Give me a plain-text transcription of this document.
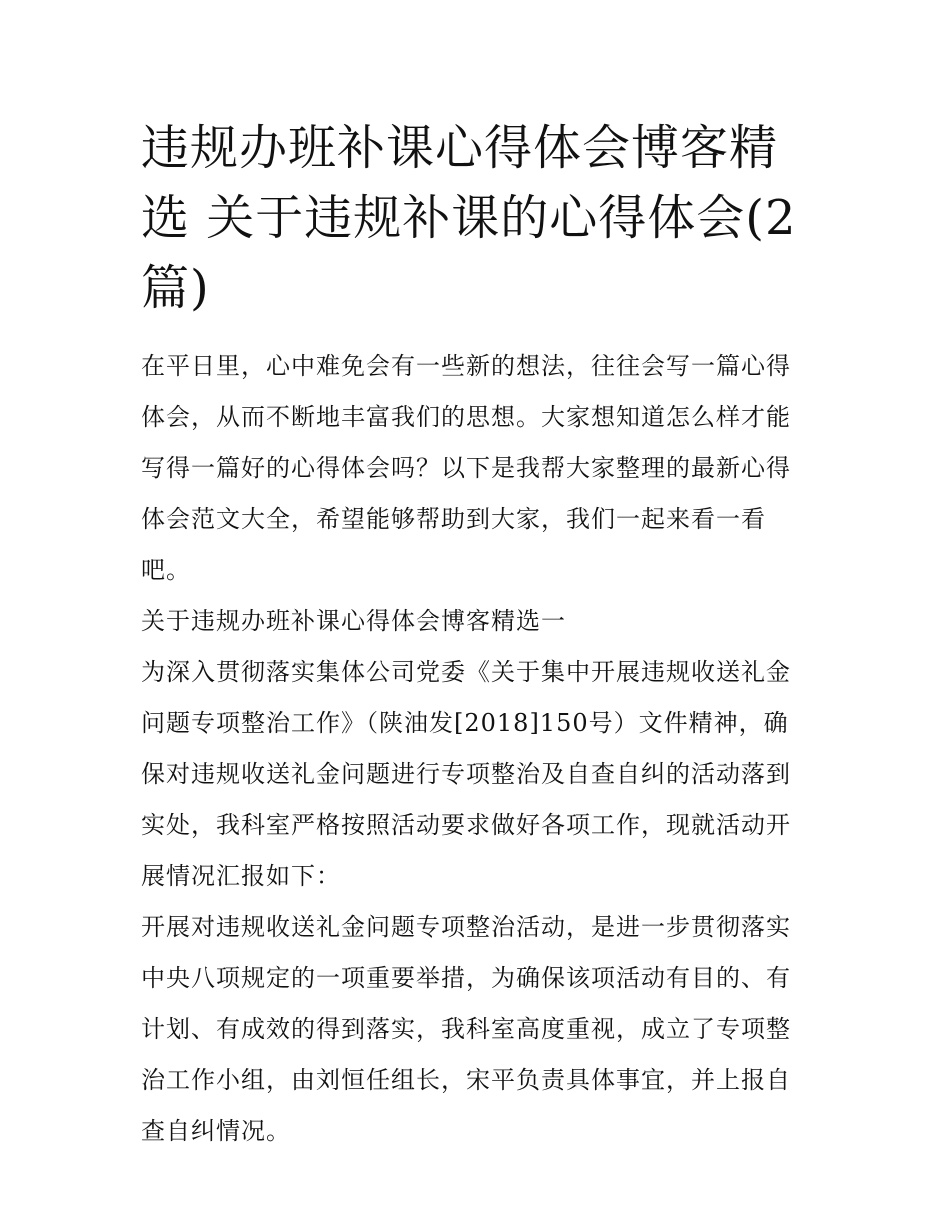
违规办班补课心得体会博客精选 关于违规补课的心得体会(2篇)

在平日里，心中难免会有一些新的想法，往往会写一篇心得体会，从而不断地丰富我们的思想。大家想知道怎么样才能写得一篇好的心得体会吗？以下是我帮大家整理的最新心得体会范文大全，希望能够帮助到大家，我们一起来看一看吧。

关于违规办班补课心得体会博客精选一

为深入贯彻落实集体公司党委《关于集中开展违规收送礼金问题专项整治工作》（陕油发[2018]150号）文件精神，确保对违规收送礼金问题进行专项整治及自查自纠的活动落到实处，我科室严格按照活动要求做好各项工作，现就活动开展情况汇报如下：

开展对违规收送礼金问题专项整治活动，是进一步贯彻落实中央八项规定的一项重要举措，为确保该项活动有目的、有计划、有成效的得到落实，我科室高度重视，成立了专项整治工作小组，由刘恒任组长，宋平负责具体事宜，并上报自查自纠情况。
